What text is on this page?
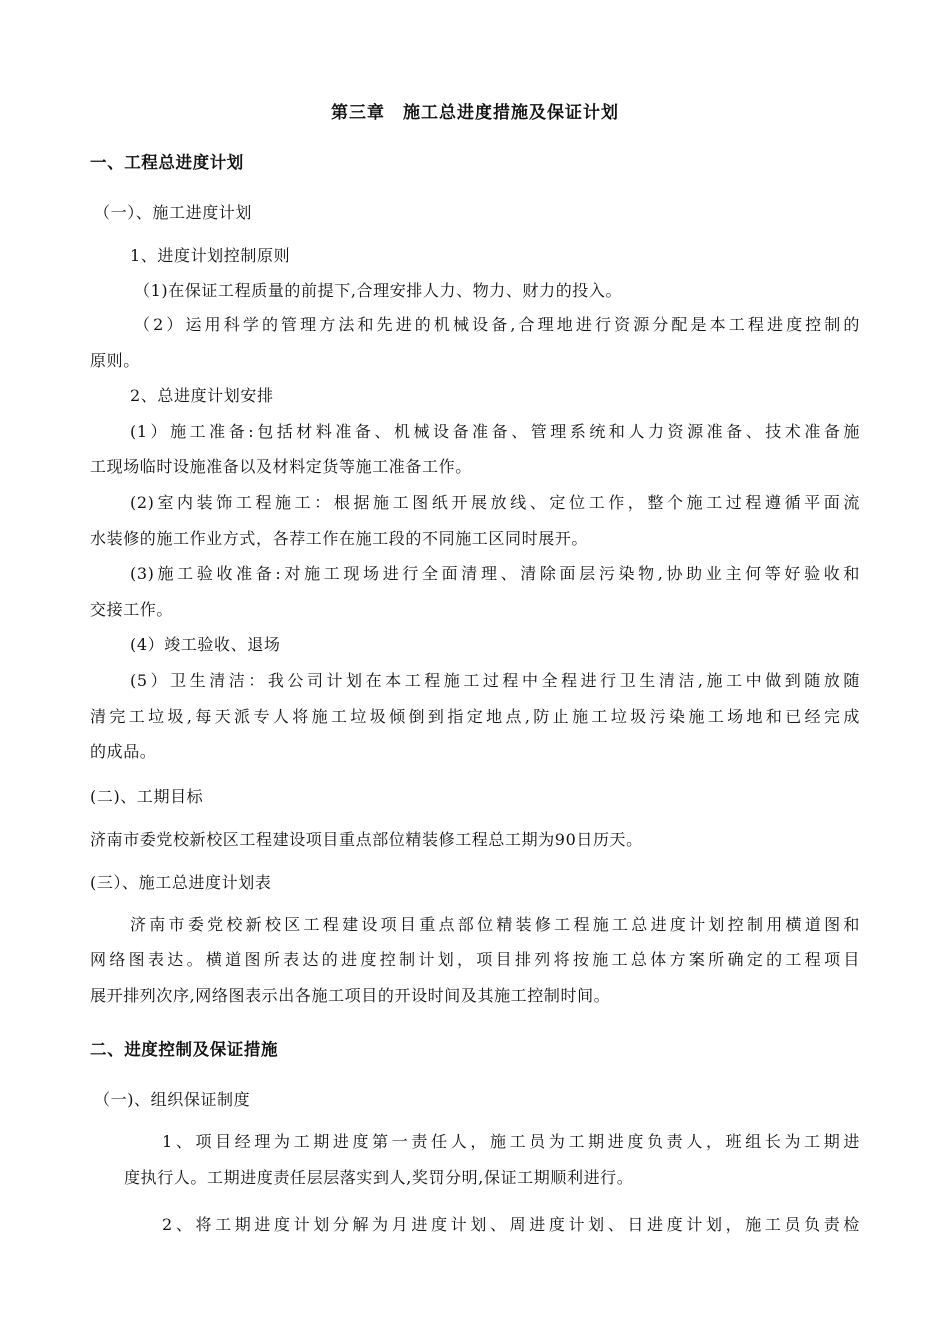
第三章　施工总进度措施及保证计划
一、工程总进度计划
（一）、施工进度计划
1、进度计划控制原则
（1)在保证工程质量的前提下,合理安排人力、物力、财力的投入。
（2）运用科学的管理方法和先进的机械设备,合理地进行资源分配是本工程进度控制的
原则。
2、总进度计划安排
(1）施工准备:包括材料准备、机械设备准备、管理系统和人力资源准备、技术准备施
工现场临时设施准备以及材料定货等施工准备工作。
(2)室内装饰工程施工：根据施工图纸开展放线、定位工作，整个施工过程遵循平面流
水装修的施工作业方式，各荐工作在施工段的不同施工区同时展开。
(3)施工验收准备:对施工现场进行全面清理、清除面层污染物,协助业主何等好验收和
交接工作。
(4）竣工验收、退场
(5）卫生清洁：我公司计划在本工程施工过程中全程进行卫生清洁,施工中做到随放随
清完工垃圾,每天派专人将施工垃圾倾倒到指定地点,防止施工垃圾污染施工场地和已经完成
的成品。
(二)、工期目标
济南市委党校新校区工程建设项目重点部位精装修工程总工期为90日历天。
(三）、施工总进度计划表
济南市委党校新校区工程建设项目重点部位精装修工程施工总进度计划控制用横道图和
网络图表达。横道图所表达的进度控制计划，项目排列将按施工总体方案所确定的工程项目
展开排列次序,网络图表示出各施工项目的开设时间及其施工控制时间。
二、进度控制及保证措施
（一)、组织保证制度
1、项目经理为工期进度第一责任人，施工员为工期进度负责人，班组长为工期进
度执行人。工期进度责任层层落实到人,奖罚分明,保证工期顺利进行。
2、将工期进度计划分解为月进度计划、周进度计划、日进度计划，施工员负责检
